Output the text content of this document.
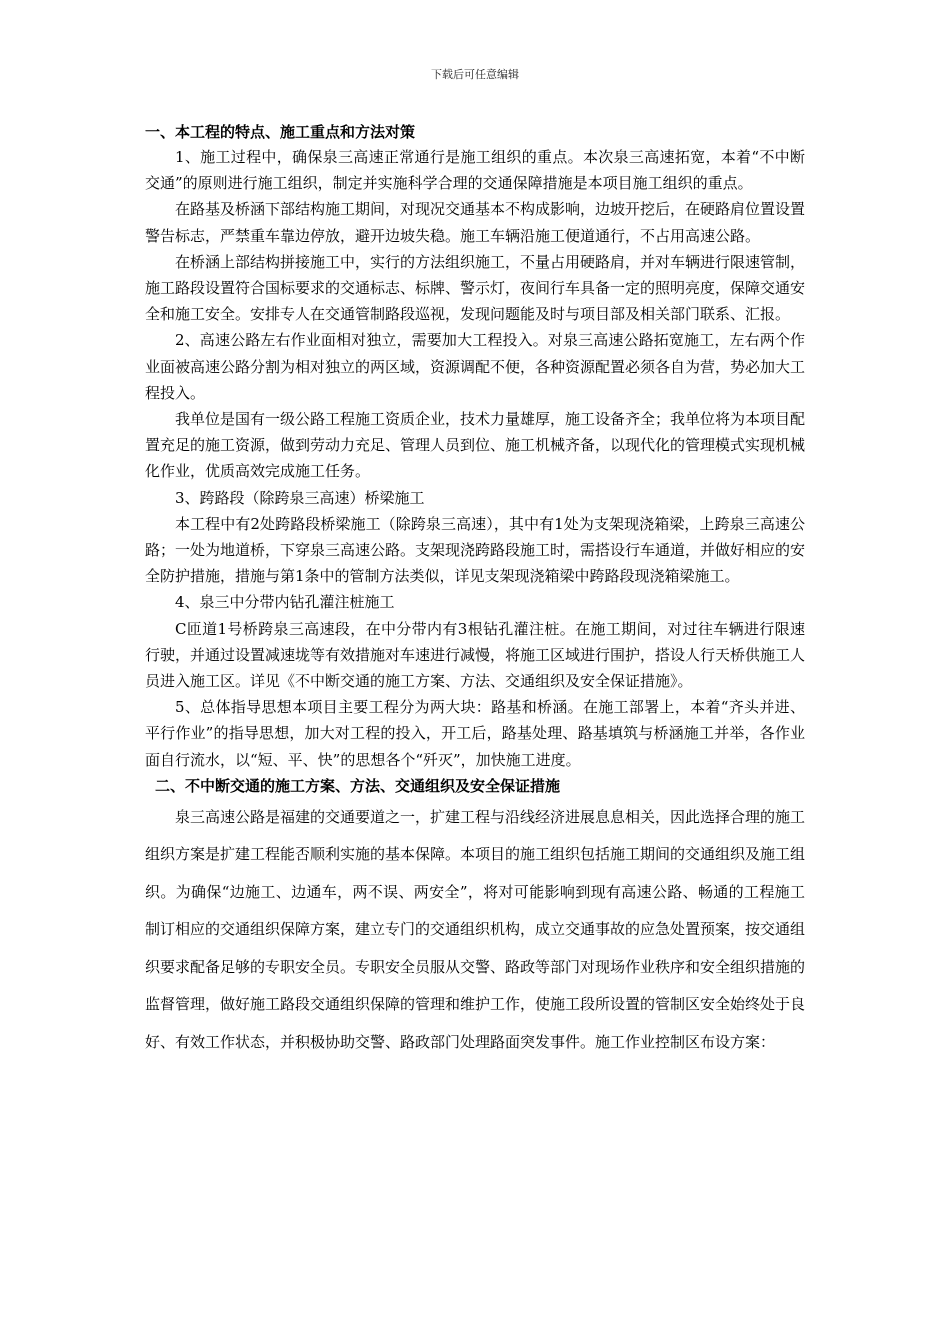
下载后可任意编辑
一、本工程的特点、施工重点和方法对策

1、施工过程中，确保泉三高速正常通行是施工组织的重点。本次泉三高速拓宽，本着“不中断交通”的原则进行施工组织，制定并实施科学合理的交通保障措施是本项目施工组织的重点。

在路基及桥涵下部结构施工期间，对现况交通基本不构成影响，边坡开挖后，在硬路肩位置设置警告标志，严禁重车靠边停放，避开边坡失稳。施工车辆沿施工便道通行，不占用高速公路。

在桥涵上部结构拼接施工中，实行的方法组织施工，不量占用硬路肩，并对车辆进行限速管制，施工路段设置符合国标要求的交通标志、标牌、警示灯，夜间行车具备一定的照明亮度，保障交通安全和施工安全。安排专人在交通管制路段巡视，发现问题能及时与项目部及相关部门联系、汇报。

2、高速公路左右作业面相对独立，需要加大工程投入。对泉三高速公路拓宽施工，左右两个作业面被高速公路分割为相对独立的两区域，资源调配不便，各种资源配置必须各自为营，势必加大工程投入。

我单位是国有一级公路工程施工资质企业，技术力量雄厚，施工设备齐全；我单位将为本项目配置充足的施工资源，做到劳动力充足、管理人员到位、施工机械齐备，以现代化的管理模式实现机械化作业，优质高效完成施工任务。

3、跨路段（除跨泉三高速）桥梁施工

本工程中有2处跨路段桥梁施工（除跨泉三高速），其中有1处为支架现浇箱梁，上跨泉三高速公路；一处为地道桥，下穿泉三高速公路。支架现浇跨路段施工时，需搭设行车通道，并做好相应的安全防护措施，措施与第1条中的管制方法类似，详见支架现浇箱梁中跨路段现浇箱梁施工。

4、泉三中分带内钻孔灌注桩施工

C匝道1号桥跨泉三高速段，在中分带内有3根钻孔灌注桩。在施工期间，对过往车辆进行限速行驶，并通过设置减速垅等有效措施对车速进行减慢，将施工区域进行围护，搭设人行天桥供施工人员进入施工区。详见《不中断交通的施工方案、方法、交通组织及安全保证措施》。

5、总体指导思想本项目主要工程分为两大块：路基和桥涵。在施工部署上，本着“齐头并进、平行作业”的指导思想，加大对工程的投入，开工后，路基处理、路基填筑与桥涵施工并举，各作业面自行流水，以“短、平、快”的思想各个“歼灭”，加快施工进度。

二、不中断交通的施工方案、方法、交通组织及安全保证措施

泉三高速公路是福建的交通要道之一，扩建工程与沿线经济进展息息相关，因此选择合理的施工组织方案是扩建工程能否顺利实施的基本保障。本项目的施工组织包括施工期间的交通组织及施工组织。为确保“边施工、边通车，两不误、两安全”，将对可能影响到现有高速公路、畅通的工程施工制订相应的交通组织保障方案，建立专门的交通组织机构，成立交通事故的应急处置预案，按交通组织要求配备足够的专职安全员。专职安全员服从交警、路政等部门对现场作业秩序和安全组织措施的监督管理，做好施工路段交通组织保障的管理和维护工作，使施工段所设置的管制区安全始终处于良好、有效工作状态，并积极协助交警、路政部门处理路面突发事件。施工作业控制区布设方案：
